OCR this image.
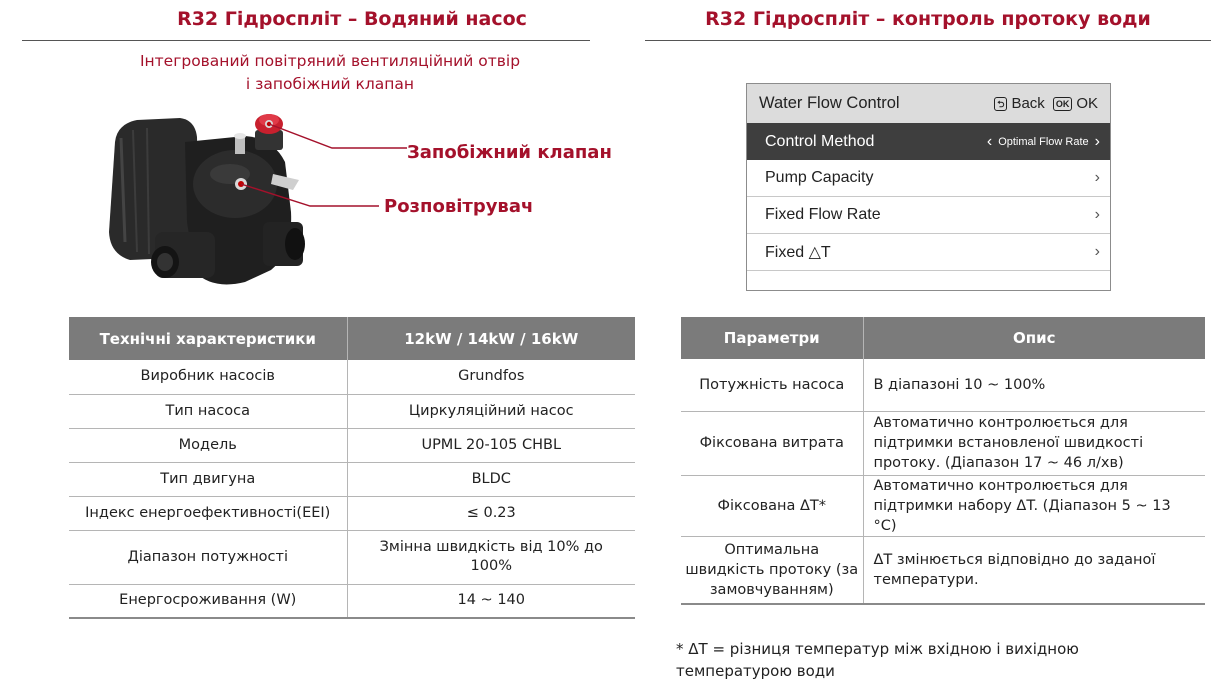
R32 Гідроспліт – Водяний насос
Інтегрований повітряний вентиляційний отвір
і запобіжний клапан
Запобіжний клапан
Розповітрувач
Технічні характеристики	12kW / 14kW / 16kW
Виробник насосів	Grundfos
Тип насоса	Циркуляційний насос
Модель	UPML 20-105 CHBL
Тип двигуна	BLDC
Індекс енергоефективності(EEI)	≤ 0.23
Діапазон потужності	Змінна швидкість від 10% до 100%
Енергосроживання (W)	14 ~ 140
R32 Гідроспліт – контроль протоку води
Water Flow Control	⮌ Back	OK OK
Control Method	‹ Optimal Flow Rate ›
Pump Capacity	›
Fixed Flow Rate	›
Fixed △T	›
Параметри	Опис
Потужність насоса	В діапазоні 10 ~ 100%
Фіксована витрата	Автоматично контролюється для підтримки встановленої швидкості протоку. (Діапазон 17 ~ 46 л/хв)
Фіксована ΔT*	Автоматично контролюється для підтримки набору ΔT. (Діапазон 5 ~ 13 °C)
Оптимальна швидкість протоку (за замовчуванням)	ΔT змінюється відповідно до заданої температури.
* ΔT = різниця температур між вхідною і вихідною
температурою води
